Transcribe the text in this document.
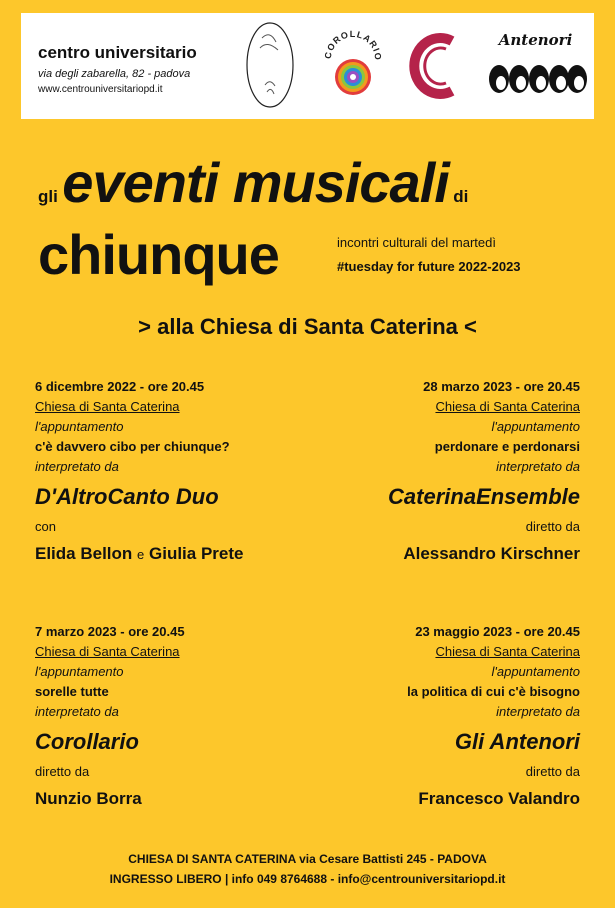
centro universitario
via degli zabarella, 82 - padova
www.centrouniversitariopd.it
COROLLARIO
Antenori
gli eventi musicali di
chiunque	incontri culturali del martedì
#tuesday for future 2022-2023
> alla Chiesa di Santa Caterina <
6 dicembre 2022 - ore 20.45
Chiesa di Santa Caterina
l'appuntamento
c'è davvero cibo per chiunque?
interpretato da
D'AltroCanto Duo
con
Elida Bellon e Giulia Prete
28 marzo 2023 - ore 20.45
Chiesa di Santa Caterina
l'appuntamento
perdonare e perdonarsi
interpretato da
CaterinaEnsemble
diretto da
Alessandro Kirschner
7 marzo 2023 - ore 20.45
Chiesa di Santa Caterina
l'appuntamento
sorelle tutte
interpretato da
Corollario
diretto da
Nunzio Borra
23 maggio 2023 - ore 20.45
Chiesa di Santa Caterina
l'appuntamento
la politica di cui c'è bisogno
interpretato da
Gli Antenori
diretto da
Francesco Valandro
CHIESA DI SANTA CATERINA via Cesare Battisti 245 - PADOVA
INGRESSO LIBERO | info 049 8764688 - info@centrouniversitariopd.it
